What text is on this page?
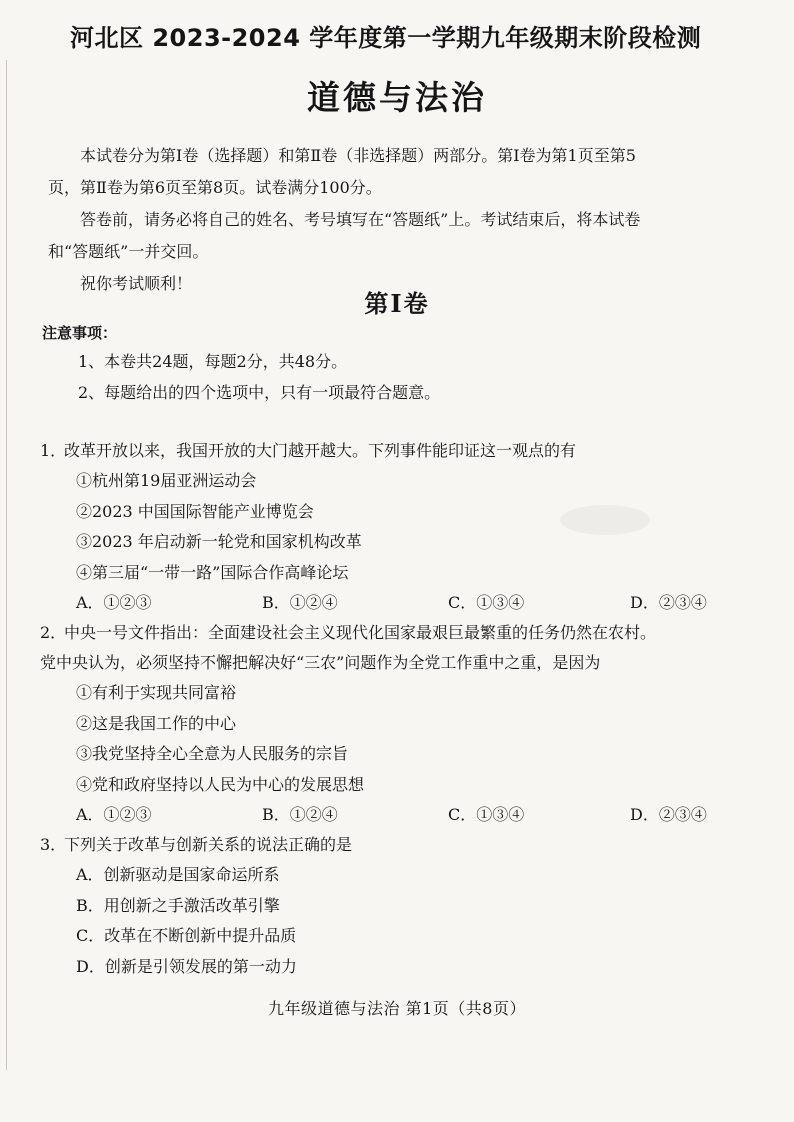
河北区 2023-2024 学年度第一学期九年级期末阶段检测
道德与法治

本试卷分为第Ⅰ卷（选择题）和第Ⅱ卷（非选择题）两部分。第Ⅰ卷为第1页至第5

页，第Ⅱ卷为第6页至第8页。试卷满分100分。

答卷前，请务必将自己的姓名、考号填写在“答题纸”上。考试结束后，将本试卷

和“答题纸”一并交回。

祝你考试顺利！

第Ⅰ卷
注意事项：
1、本卷共24题，每题2分，共48分。
2、每题给出的四个选项中，只有一项最符合题意。
1．改革开放以来，我国开放的大门越开越大。下列事件能印证这一观点的有
①杭州第19届亚洲运动会
②2023 中国国际智能产业博览会
③2023 年启动新一轮党和国家机构改革
④第三届“一带一路”国际合作高峰论坛
A．①②③	B．①②④	C．①③④	D．②③④
2．中央一号文件指出：全面建设社会主义现代化国家最艰巨最繁重的任务仍然在农村。
党中央认为，必须坚持不懈把解决好“三农”问题作为全党工作重中之重，是因为
①有利于实现共同富裕
②这是我国工作的中心
③我党坚持全心全意为人民服务的宗旨
④党和政府坚持以人民为中心的发展思想
A．①②③	B．①②④	C．①③④	D．②③④
3．下列关于改革与创新关系的说法正确的是
A．创新驱动是国家命运所系
B．用创新之手激活改革引擎
C．改革在不断创新中提升品质
D．创新是引领发展的第一动力
九年级道德与法治 第1页（共8页）
